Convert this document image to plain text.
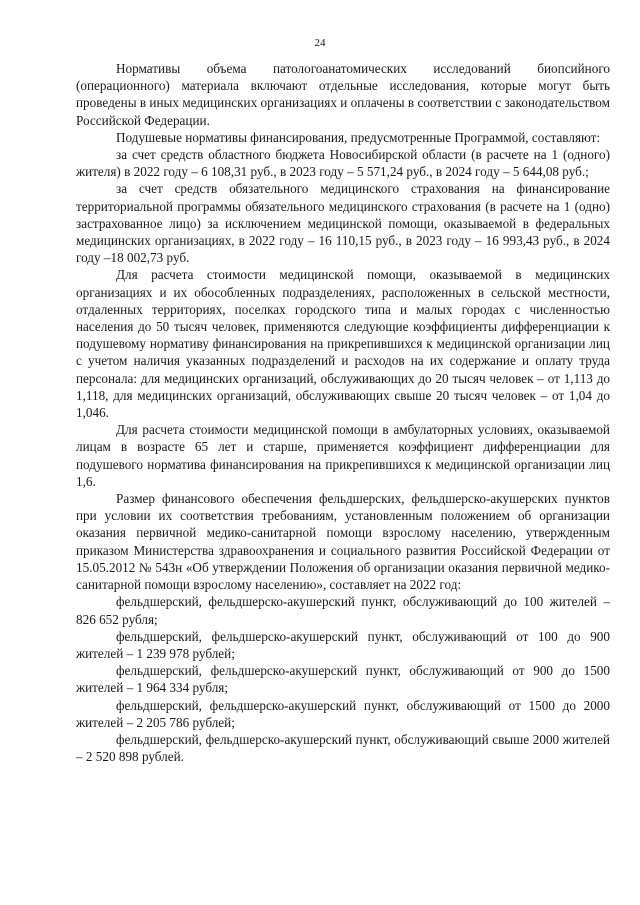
24

Нормативы объема патологоанатомических исследований биопсийного (операционного) материала включают отдельные исследования, которые могут быть проведены в иных медицинских организациях и оплачены в соответствии с законодательством Российской Федерации.

Подушевые нормативы финансирования, предусмотренные Программой, составляют:

за счет средств областного бюджета Новосибирской области (в расчете на 1 (одного) жителя) в 2022 году – 6 108,31 руб., в 2023 году – 5 571,24 руб., в 2024 году – 5 644,08 руб.;

за счет средств обязательного медицинского страхования на финансирование территориальной программы обязательного медицинского страхования (в расчете на 1 (одно) застрахованное лицо) за исключением медицинской помощи, оказываемой в федеральных медицинских организациях, в 2022 году – 16 110,15 руб., в 2023 году – 16 993,43 руб., в 2024 году –18 002,73 руб.

Для расчета стоимости медицинской помощи, оказываемой в медицинских организациях и их обособленных подразделениях, расположенных в сельской местности, отдаленных территориях, поселках городского типа и малых городах с численностью населения до 50 тысяч человек, применяются следующие коэффициенты дифференциации к подушевому нормативу финансирования на прикрепившихся к медицинской организации лиц с учетом наличия указанных подразделений и расходов на их содержание и оплату труда персонала: для медицинских организаций, обслуживающих до 20 тысяч человек – от 1,113 до 1,118, для медицинских организаций, обслуживающих свыше 20 тысяч человек – от 1,04 до 1,046.

Для расчета стоимости медицинской помощи в амбулаторных условиях, оказываемой лицам в возрасте 65 лет и старше, применяется коэффициент дифференциации для подушевого норматива финансирования на прикрепившихся к медицинской организации лиц 1,6.

Размер финансового обеспечения фельдшерских, фельдшерско-акушерских пунктов при условии их соответствия требованиям, установленным положением об организации оказания первичной медико-санитарной помощи взрослому населению, утвержденным приказом Министерства здравоохранения и социального развития Российской Федерации от 15.05.2012 № 543н «Об утверждении Положения об организации оказания первичной медико-санитарной помощи взрослому населению», составляет на 2022 год:

фельдшерский, фельдшерско-акушерский пункт, обслуживающий до 100 жителей – 826 652 рубля;

фельдшерский, фельдшерско-акушерский пункт, обслуживающий от 100 до 900 жителей – 1 239 978 рублей;

фельдшерский, фельдшерско-акушерский пункт, обслуживающий от 900 до 1500 жителей – 1 964 334 рубля;

фельдшерский, фельдшерско-акушерский пункт, обслуживающий от 1500 до 2000 жителей – 2 205 786 рублей;

фельдшерский, фельдшерско-акушерский пункт, обслуживающий свыше 2000 жителей – 2 520 898 рублей.
